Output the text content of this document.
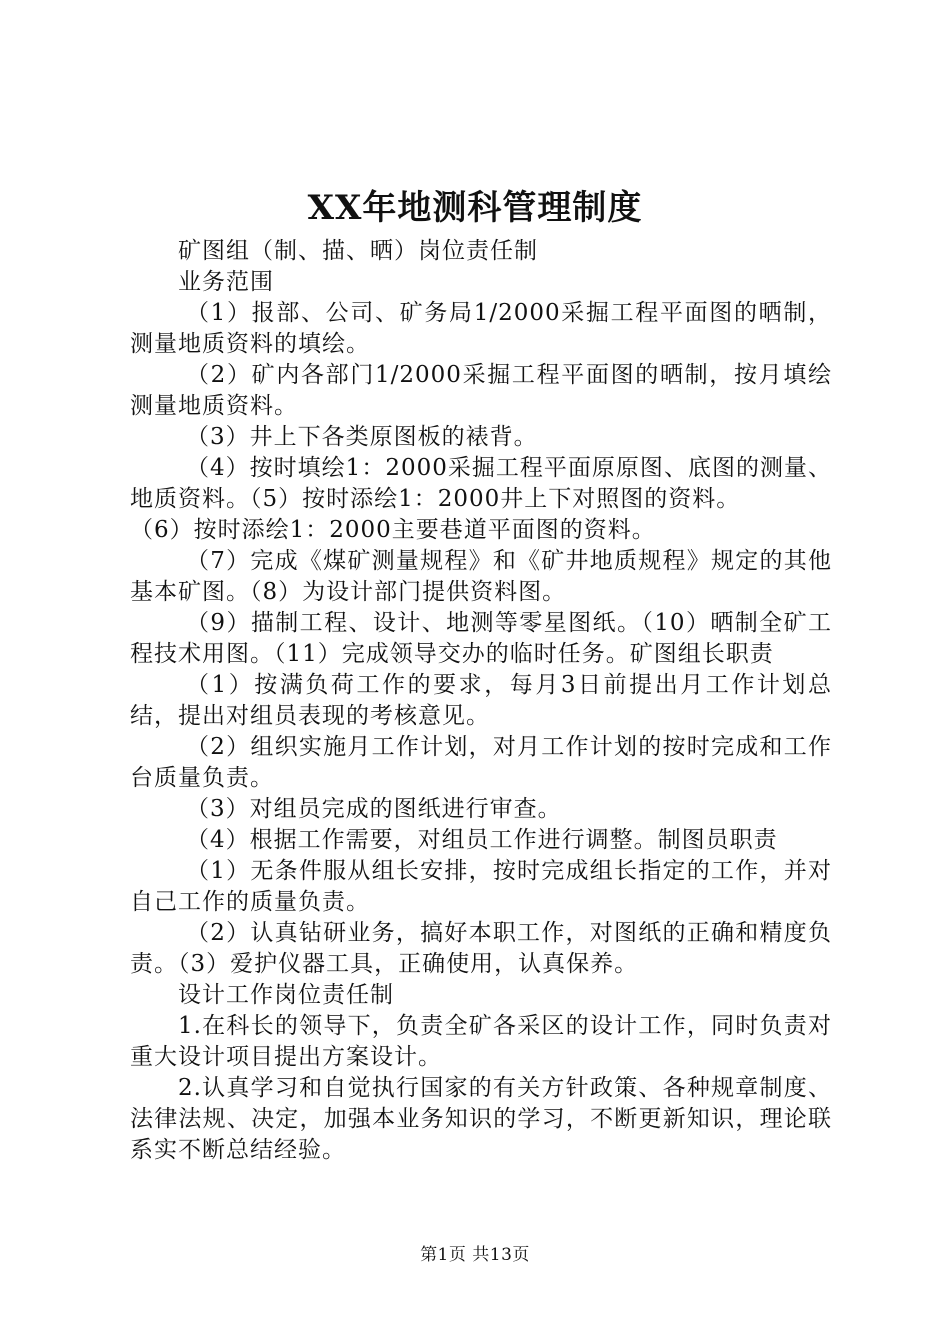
XX年地测科管理制度

矿图组（制、描、晒）岗位责任制

业务范围

（1）报部、公司、矿务局1/2000采掘工程平面图的晒制，测量地质资料的填绘。

（2）矿内各部门1/2000采掘工程平面图的晒制，按月填绘测量地质资料。

（3）井上下各类原图板的裱背。

（4）按时填绘1：2000采掘工程平面原原图、底图的测量、地质资料。（5）按时添绘1：2000井上下对照图的资料。

（6）按时添绘1：2000主要巷道平面图的资料。

（7）完成《煤矿测量规程》和《矿井地质规程》规定的其他基本矿图。（8）为设计部门提供资料图。

（9）描制工程、设计、地测等零星图纸。（10）晒制全矿工程技术用图。（11）完成领导交办的临时任务。矿图组长职责

（1）按满负荷工作的要求，每月3日前提出月工作计划总结，提出对组员表现的考核意见。

（2）组织实施月工作计划，对月工作计划的按时完成和工作台质量负责。

（3）对组员完成的图纸进行审查。

（4）根据工作需要，对组员工作进行调整。制图员职责

（1）无条件服从组长安排，按时完成组长指定的工作，并对自己工作的质量负责。

（2）认真钻研业务，搞好本职工作，对图纸的正确和精度负责。（3）爱护仪器工具，正确使用，认真保养。

设计工作岗位责任制

1.在科长的领导下，负责全矿各采区的设计工作，同时负责对重大设计项目提出方案设计。

2.认真学习和自觉执行国家的有关方针政策、各种规章制度、法律法规、决定，加强本业务知识的学习，不断更新知识，理论联系实不断总结经验。

第1页 共13页
